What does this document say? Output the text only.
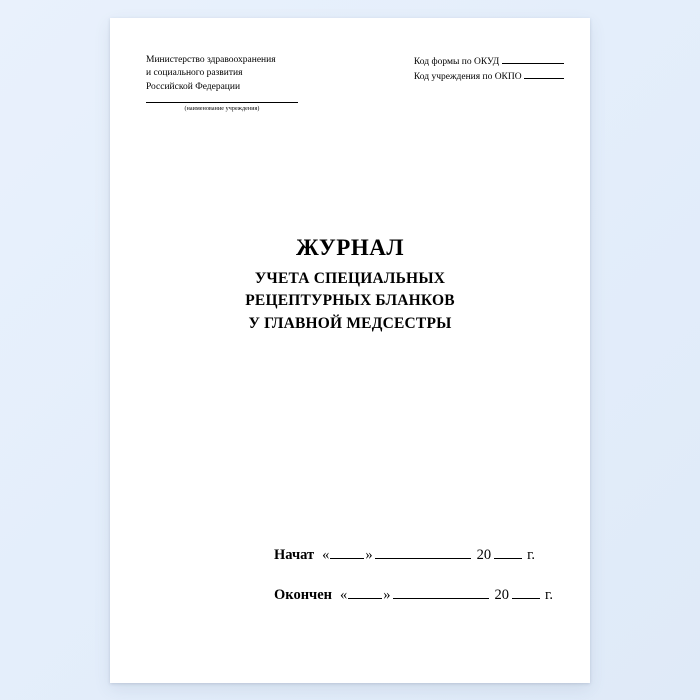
Министерство здравоохранения
и социального развития
Российской Федерации
(наименование учреждения)
Код формы по ОКУД
Код учреждения по ОКПО
ЖУРНАЛ
УЧЕТА СПЕЦИАЛЬНЫХ
РЕЦЕПТУРНЫХ БЛАНКОВ
У ГЛАВНОЙ МЕДСЕСТРЫ
Начат « »	20 г.
Окончен « »	20 г.
